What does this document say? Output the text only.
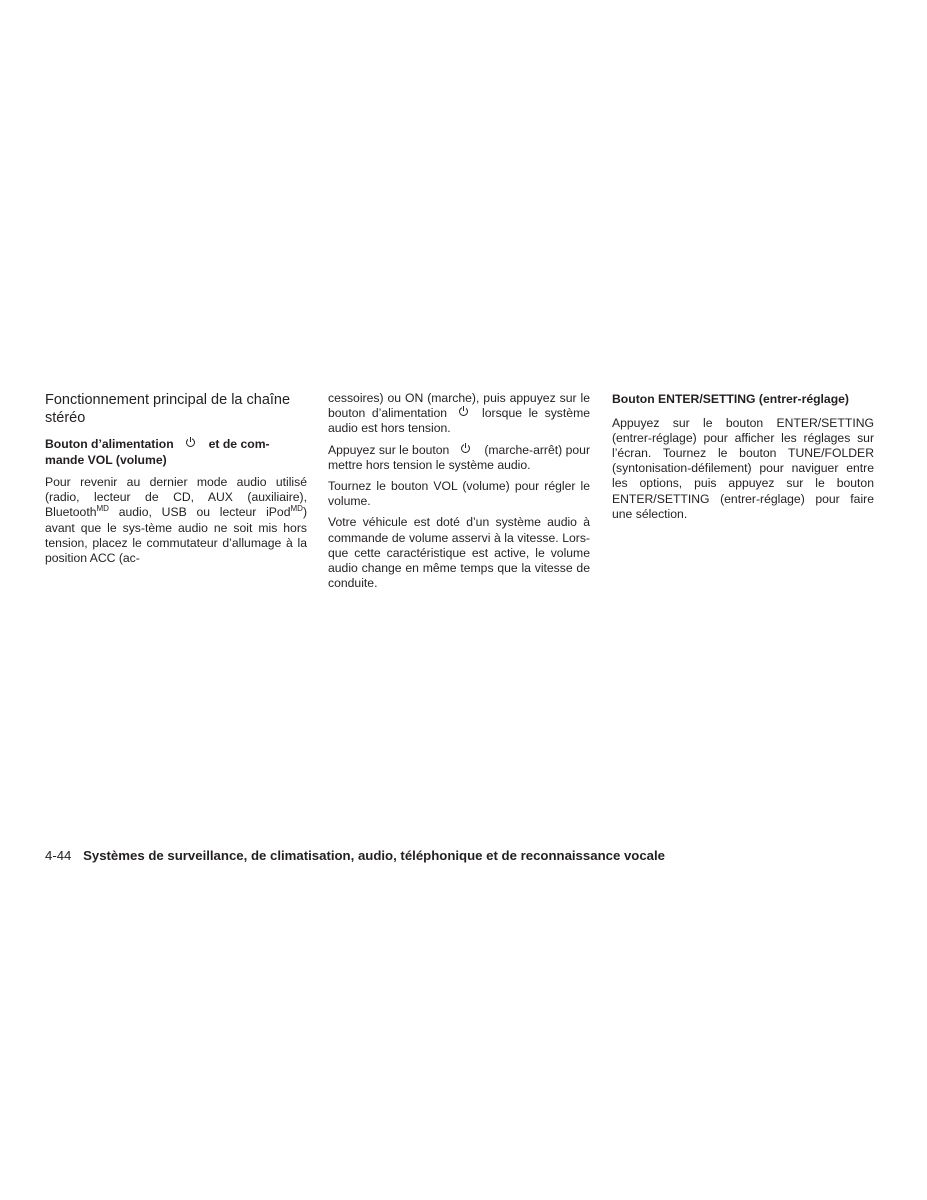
Fonctionnement principal de la chaîne stéréo
Bouton d’alimentation	et de com-mande VOL (volume)

Pour revenir au dernier mode audio utilisé (radio, lecteur de CD, AUX (auxiliaire), Bluetooth$^{MD}$ audio, USB ou lecteur iPod$^{MD}$) avant que le sys-tème audio ne soit mis hors tension, placez le commutateur d’allumage à la position ACC (ac-

cessoires) ou ON (marche), puis appuyez sur le bouton d’alimentation	lorsque le système audio est hors tension.

Appuyez sur le bouton	(marche-arrêt) pour mettre hors tension le système audio.

Tournez le bouton VOL (volume) pour régler le volume.

Votre véhicule est doté d’un système audio à commande de volume asservi à la vitesse. Lors-que cette caractéristique est active, le volume audio change en même temps que la vitesse de conduite.

Bouton ENTER/SETTING (entrer-réglage)

Appuyez sur le bouton ENTER/SETTING (entrer-réglage) pour afficher les réglages sur l’écran. Tournez le bouton TUNE/FOLDER (syntonisation-défilement) pour naviguer entre les options, puis appuyez sur le bouton ENTER/SETTING (entrer-réglage) pour faire une sélection.

4-44 Systèmes de surveillance, de climatisation, audio, téléphonique et de reconnaissance vocale
